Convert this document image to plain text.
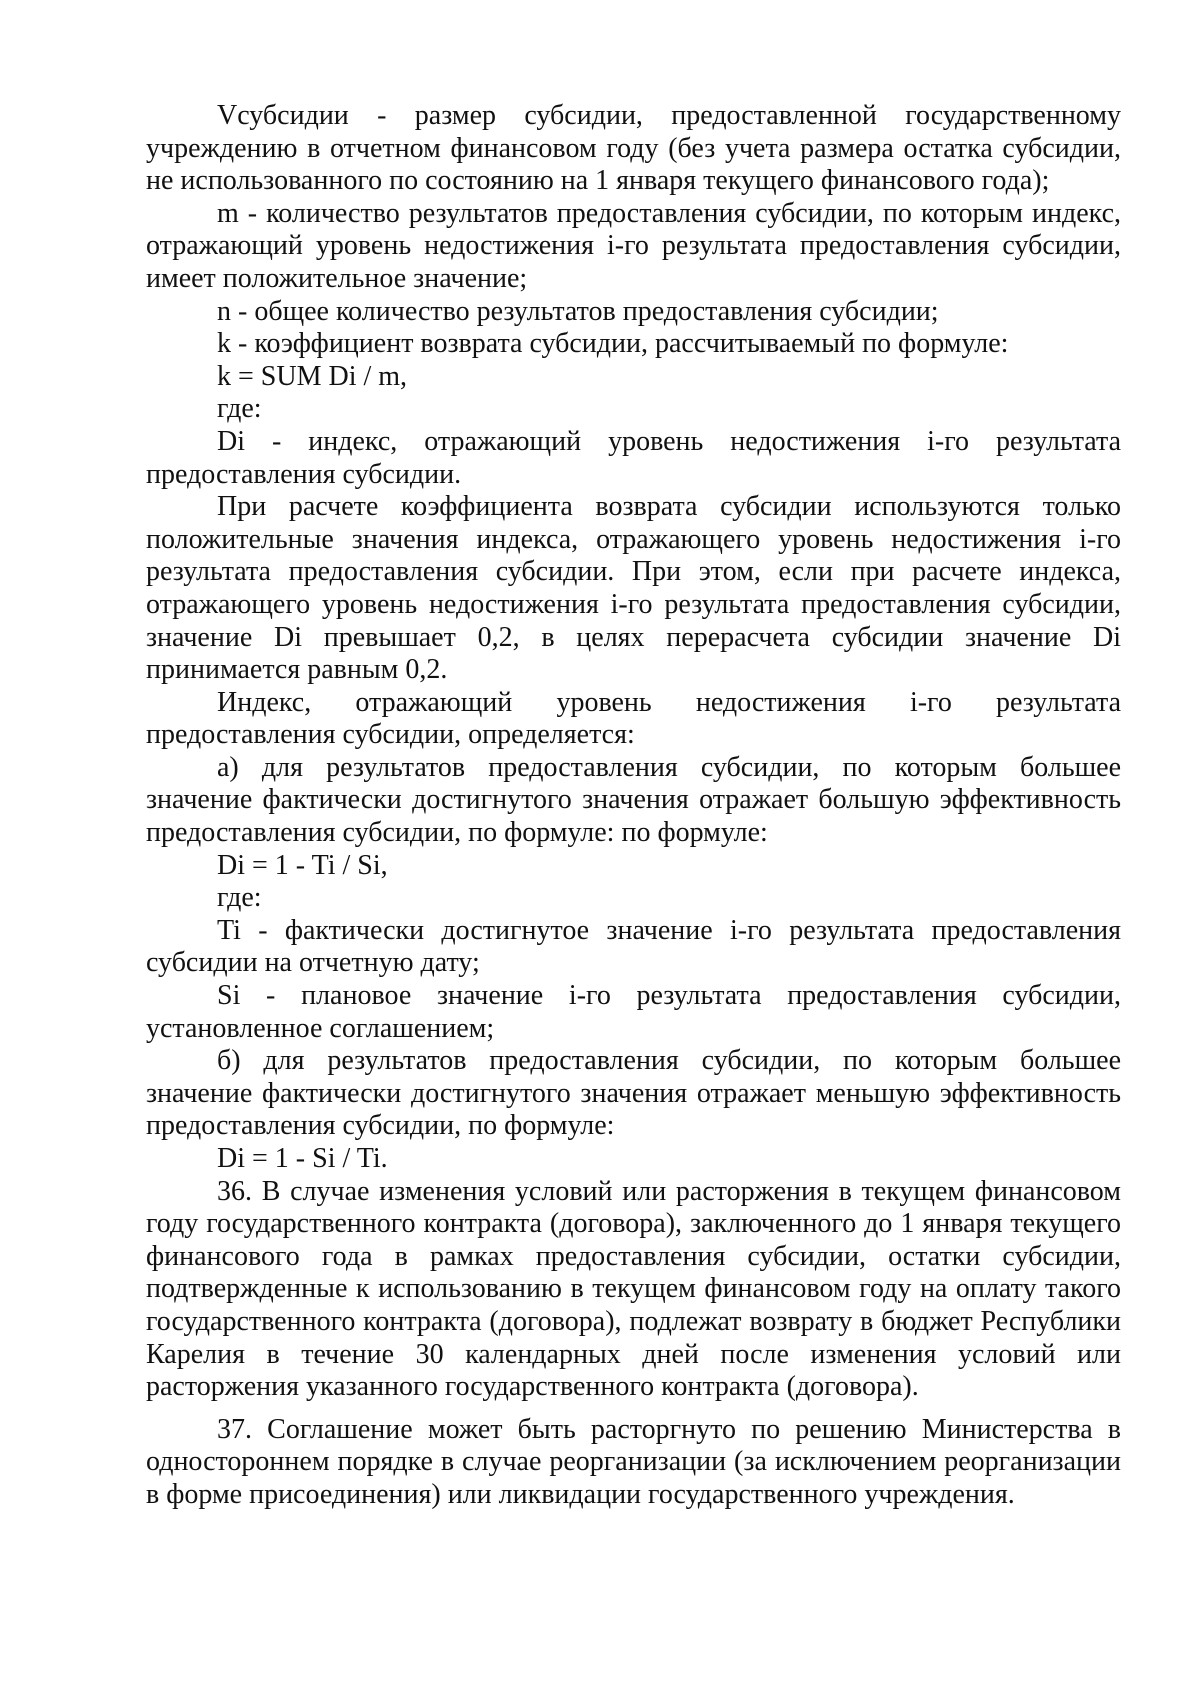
Vсубсидии - размер субсидии, предоставленной государственному учреждению в отчетном финансовом году (без учета размера остатка субсидии, не использованного по состоянию на 1 января текущего финансового года);

m - количество результатов предоставления субсидии, по которым индекс, отражающий уровень недостижения i-го результата предоставления субсидии, имеет положительное значение;

n - общее количество результатов предоставления субсидии;

k - коэффициент возврата субсидии, рассчитываемый по формуле:

k = SUM Di / m,

где:

Di - индекс, отражающий уровень недостижения i-го результата предоставления субсидии.

При расчете коэффициента возврата субсидии используются только положительные значения индекса, отражающего уровень недостижения i-го результата предоставления субсидии. При этом, если при расчете индекса, отражающего уровень недостижения i-го результата предоставления субсидии, значение Di превышает 0,2, в целях перерасчета субсидии значение Di принимается равным 0,2.

Индекс, отражающий уровень недостижения i-го результата предоставления субсидии, определяется:

а) для результатов предоставления субсидии, по которым большее значение фактически достигнутого значения отражает большую эффективность предоставления субсидии, по формуле: по формуле:

Di = 1 - Ti / Si,

где:

Ti - фактически достигнутое значение i-го результата предоставления субсидии на отчетную дату;

Si - плановое значение i-го результата предоставления субсидии, установленное соглашением;

б) для результатов предоставления субсидии, по которым большее значение фактически достигнутого значения отражает меньшую эффективность предоставления субсидии, по формуле:

Di = 1 - Si / Ti.

36. В случае изменения условий или расторжения в текущем финансовом году государственного контракта (договора), заключенного до 1 января текущего финансового года в рамках предоставления субсидии, остатки субсидии, подтвержденные к использованию в текущем финансовом году на оплату такого государственного контракта (договора), подлежат возврату в бюджет Республики Карелия в течение 30 календарных дней после изменения условий или расторжения указанного государственного контракта (договора).

37. Соглашение может быть расторгнуто по решению Министерства в одностороннем порядке в случае реорганизации (за исключением реорганизации в форме присоединения) или ликвидации государственного учреждения.
